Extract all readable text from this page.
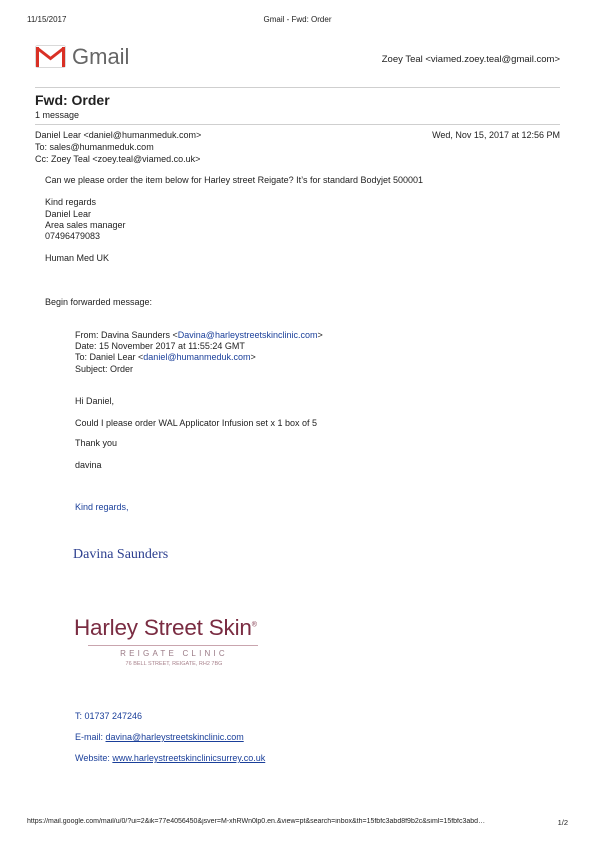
11/15/2017	Gmail - Fwd: Order
Gmail	Zoey Teal <viamed.zoey.teal@gmail.com>
Fwd: Order
1 message
Daniel Lear <daniel@humanmeduk.com>	Wed, Nov 15, 2017 at 12:56 PM
To: sales@humanmeduk.com
Cc: Zoey Teal <zoey.teal@viamed.co.uk>
Can we please order the item below for Harley street Reigate? It’s for standard Bodyjet 500001
Kind regards
Daniel Lear
Area sales manager
07496479083
Human Med UK
Begin forwarded message:
From: Davina Saunders <Davina@harleystreetskinclinic.com>
Date: 15 November 2017 at 11:55:24 GMT
To: Daniel Lear <daniel@humanmeduk.com>
Subject: Order
Hi Daniel,
Could I please order WAL Applicator Infusion set x 1 box of 5
Thank you
davina
Kind regards,
Davina Saunders
Harley Street Skin®
REIGATE CLINIC
76 BELL STREET, REIGATE, RH2 7BG
T: 01737 247246
E-mail: davina@harleystreetskinclinic.com
Website: www.harleystreetskinclinicsurrey.co.uk
https://mail.google.com/mail/u/0/?ui=2&ik=77e4056450&jsver=M-xhRWn0lp0.en.&view=pt&search=inbox&th=15fbfc3abd8f9b2c&siml=15fbfc3abd…	1/2
